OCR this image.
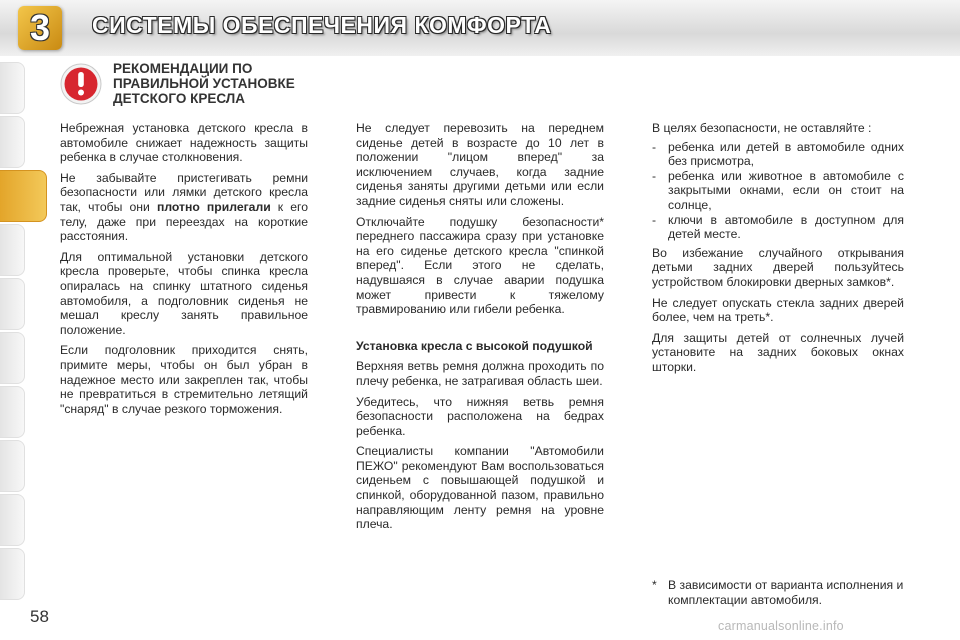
3 СИСТЕМЫ ОБЕСПЕЧЕНИЯ КОМФОРТА
РЕКОМЕНДАЦИИ ПО
ПРАВИЛЬНОЙ УСТАНОВКЕ
ДЕТСКОГО КРЕСЛА

Небрежная установка детского кресла в автомобиле снижает надежность защиты ребенка в случае столкновения.

Не забывайте пристегивать ремни безопасности или лямки детского кресла так, чтобы они плотно прилегали к его телу, даже при переездах на короткие расстояния.

Для оптимальной установки детского кресла проверьте, чтобы спинка кресла опиралась на спинку штатного сиденья автомобиля, а подголовник сиденья не мешал креслу занять правильное положение.

Если подголовник приходится снять, примите меры, чтобы он был убран в надежное место или закреплен так, чтобы не превратиться в стремительно летящий "снаряд" в случае резкого торможения.

Не следует перевозить на переднем сиденье детей в возрасте до 10 лет в положении "лицом вперед" за исключением случаев, когда задние сиденья заняты другими детьми или если задние сиденья сняты или сложены.

Отключайте подушку безопасности* переднего пассажира сразу при установке на его сиденье детского кресла "спинкой вперед". Если этого не сделать, надувшаяся в случае аварии подушка может привести к тяжелому травмированию или гибели ребенка.

Установка кресла с высокой подушкой

Верхняя ветвь ремня должна проходить по плечу ребенка, не затрагивая область шеи.

Убедитесь, что нижняя ветвь ремня безопасности расположена на бедрах ребенка.

Специалисты компании "Автомобили ПЕЖО" рекомендуют Вам воспользоваться сиденьем с повышающей подушкой и спинкой, оборудованной пазом, правильно направляющим ленту ремня на уровне плеча.

В целях безопасности, не оставляйте :

- ребенка или детей в автомобиле одних без присмотра,
- ребенка или животное в автомобиле с закрытыми окнами, если он стоит на солнце,
- ключи в автомобиле в доступном для детей месте.

Во избежание случайного открывания детьми задних дверей пользуйтесь устройством блокировки дверных замков*.

Не следует опускать стекла задних дверей более, чем на треть*.

Для защиты детей от солнечных лучей установите на задних боковых окнах шторки.

* В зависимости от варианта исполнения и комплектации автомобиля.
58	carmanualsonline.info
